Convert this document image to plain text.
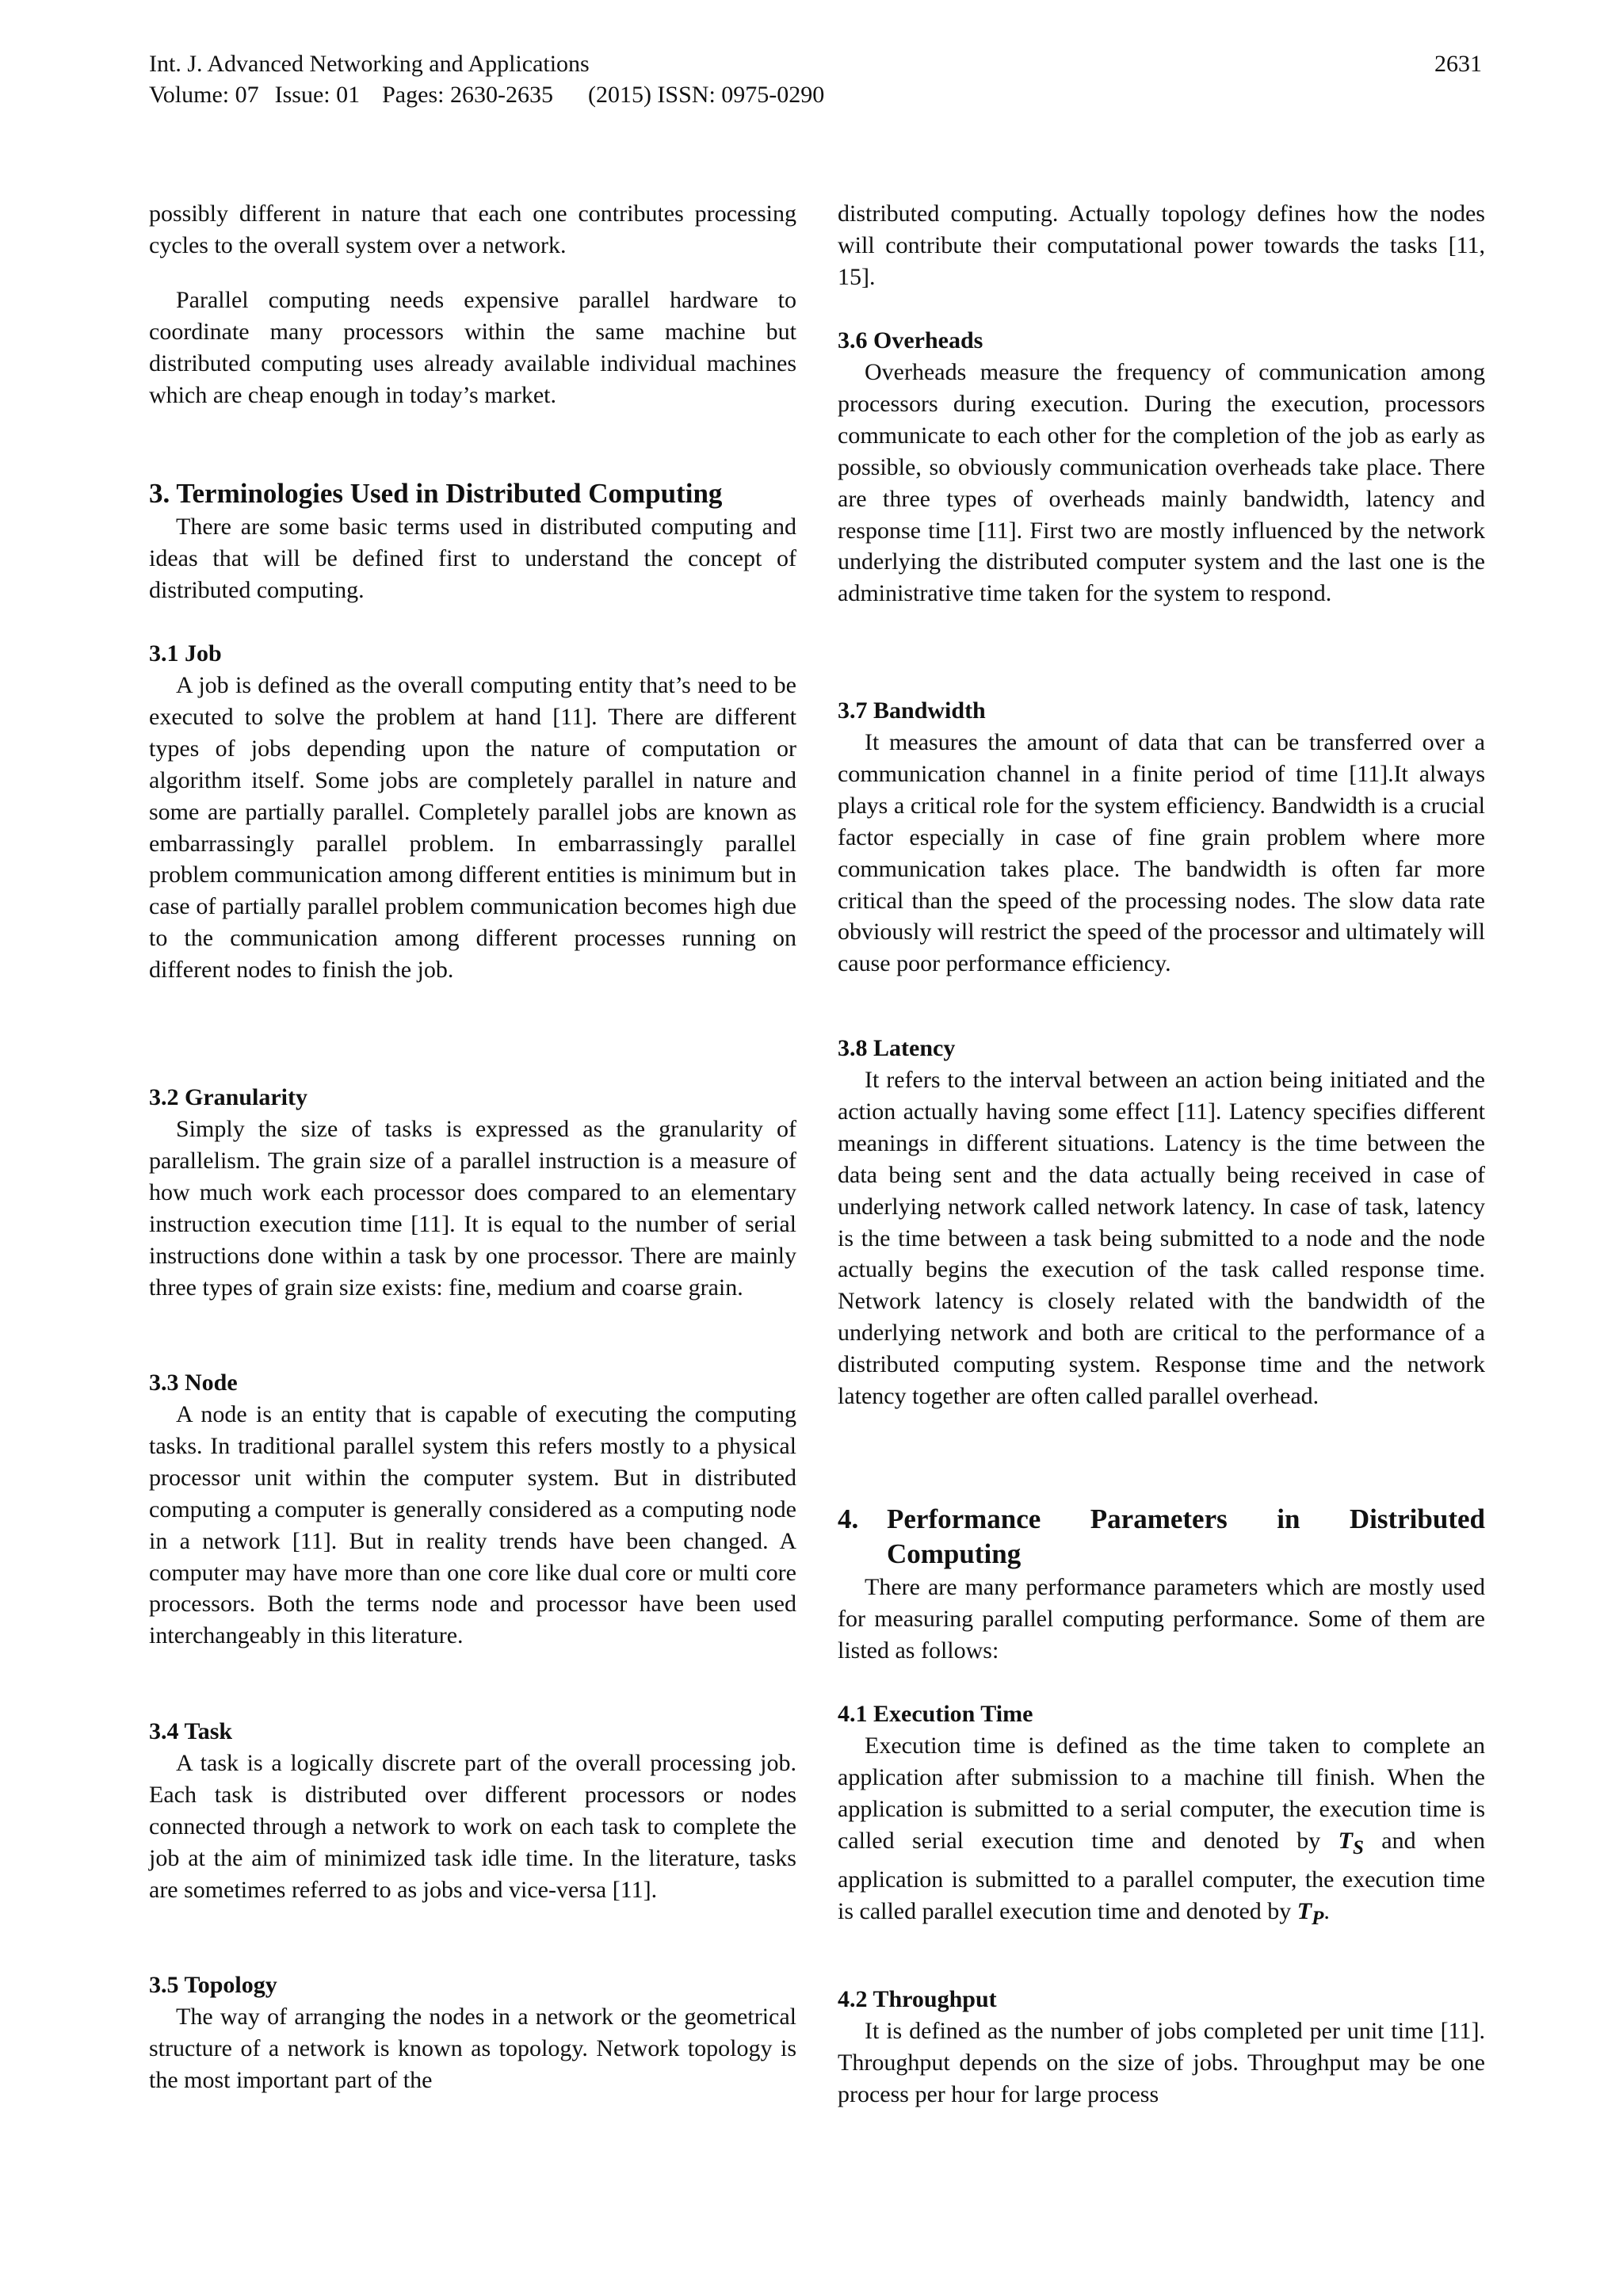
Int. J. Advanced Networking and Applications	2631
Volume: 07 Issue: 01 Pages: 2630-2635 (2015) ISSN: 0975-0290

possibly different in nature that each one contributes processing cycles to the overall system over a network.

Parallel computing needs expensive parallel hardware to coordinate many processors within the same machine but distributed computing uses already available individual machines which are cheap enough in today’s market.

3. Terminologies Used in Distributed Computing

There are some basic terms used in distributed computing and ideas that will be defined first to understand the concept of distributed computing.

3.1 Job

A job is defined as the overall computing entity that’s need to be executed to solve the problem at hand [11]. There are different types of jobs depending upon the nature of computation or algorithm itself. Some jobs are completely parallel in nature and some are partially parallel. Completely parallel jobs are known as embarrassingly parallel problem. In embarrassingly parallel problem communication among different entities is minimum but in case of partially parallel problem communication becomes high due to the communication among different processes running on different nodes to finish the job.

3.2 Granularity

Simply the size of tasks is expressed as the granularity of parallelism. The grain size of a parallel instruction is a measure of how much work each processor does compared to an elementary instruction execution time [11]. It is equal to the number of serial instructions done within a task by one processor. There are mainly three types of grain size exists: fine, medium and coarse grain.

3.3 Node

A node is an entity that is capable of executing the computing tasks. In traditional parallel system this refers mostly to a physical processor unit within the computer system. But in distributed computing a computer is generally considered as a computing node in a network [11]. But in reality trends have been changed. A computer may have more than one core like dual core or multi core processors. Both the terms node and processor have been used interchangeably in this literature.

3.4 Task

A task is a logically discrete part of the overall processing job. Each task is distributed over different processors or nodes connected through a network to work on each task to complete the job at the aim of minimized task idle time. In the literature, tasks are sometimes referred to as jobs and vice-versa [11].

3.5 Topology

The way of arranging the nodes in a network or the geometrical structure of a network is known as topology. Network topology is the most important part of the

distributed computing. Actually topology defines how the nodes will contribute their computational power towards the tasks [11, 15].

3.6 Overheads

Overheads measure the frequency of communication among processors during execution. During the execution, processors communicate to each other for the completion of the job as early as possible, so obviously communication overheads take place. There are three types of overheads mainly bandwidth, latency and response time [11]. First two are mostly influenced by the network underlying the distributed computer system and the last one is the administrative time taken for the system to respond.

3.7 Bandwidth

It measures the amount of data that can be transferred over a communication channel in a finite period of time [11].It always plays a critical role for the system efficiency. Bandwidth is a crucial factor especially in case of fine grain problem where more communication takes place. The bandwidth is often far more critical than the speed of the processing nodes. The slow data rate obviously will restrict the speed of the processor and ultimately will cause poor performance efficiency.

3.8 Latency

It refers to the interval between an action being initiated and the action actually having some effect [11]. Latency specifies different meanings in different situations. Latency is the time between the data being sent and the data actually being received in case of underlying network called network latency. In case of task, latency is the time between a task being submitted to a node and the node actually begins the execution of the task called response time. Network latency is closely related with the bandwidth of the underlying network and both are critical to the performance of a distributed computing system. Response time and the network latency together are often called parallel overhead.

4.	Performance Parameters in Distributed Computing

There are many performance parameters which are mostly used for measuring parallel computing performance. Some of them are listed as follows:

4.1 Execution Time

Execution time is defined as the time taken to complete an application after submission to a machine till finish. When the application is submitted to a serial computer, the execution time is called serial execution time and denoted by $T_S$ and when application is submitted to a parallel computer, the execution time is called parallel execution time and denoted by $T_P$.

4.2 Throughput

It is defined as the number of jobs completed per unit time [11]. Throughput depends on the size of jobs. Throughput may be one process per hour for large process
